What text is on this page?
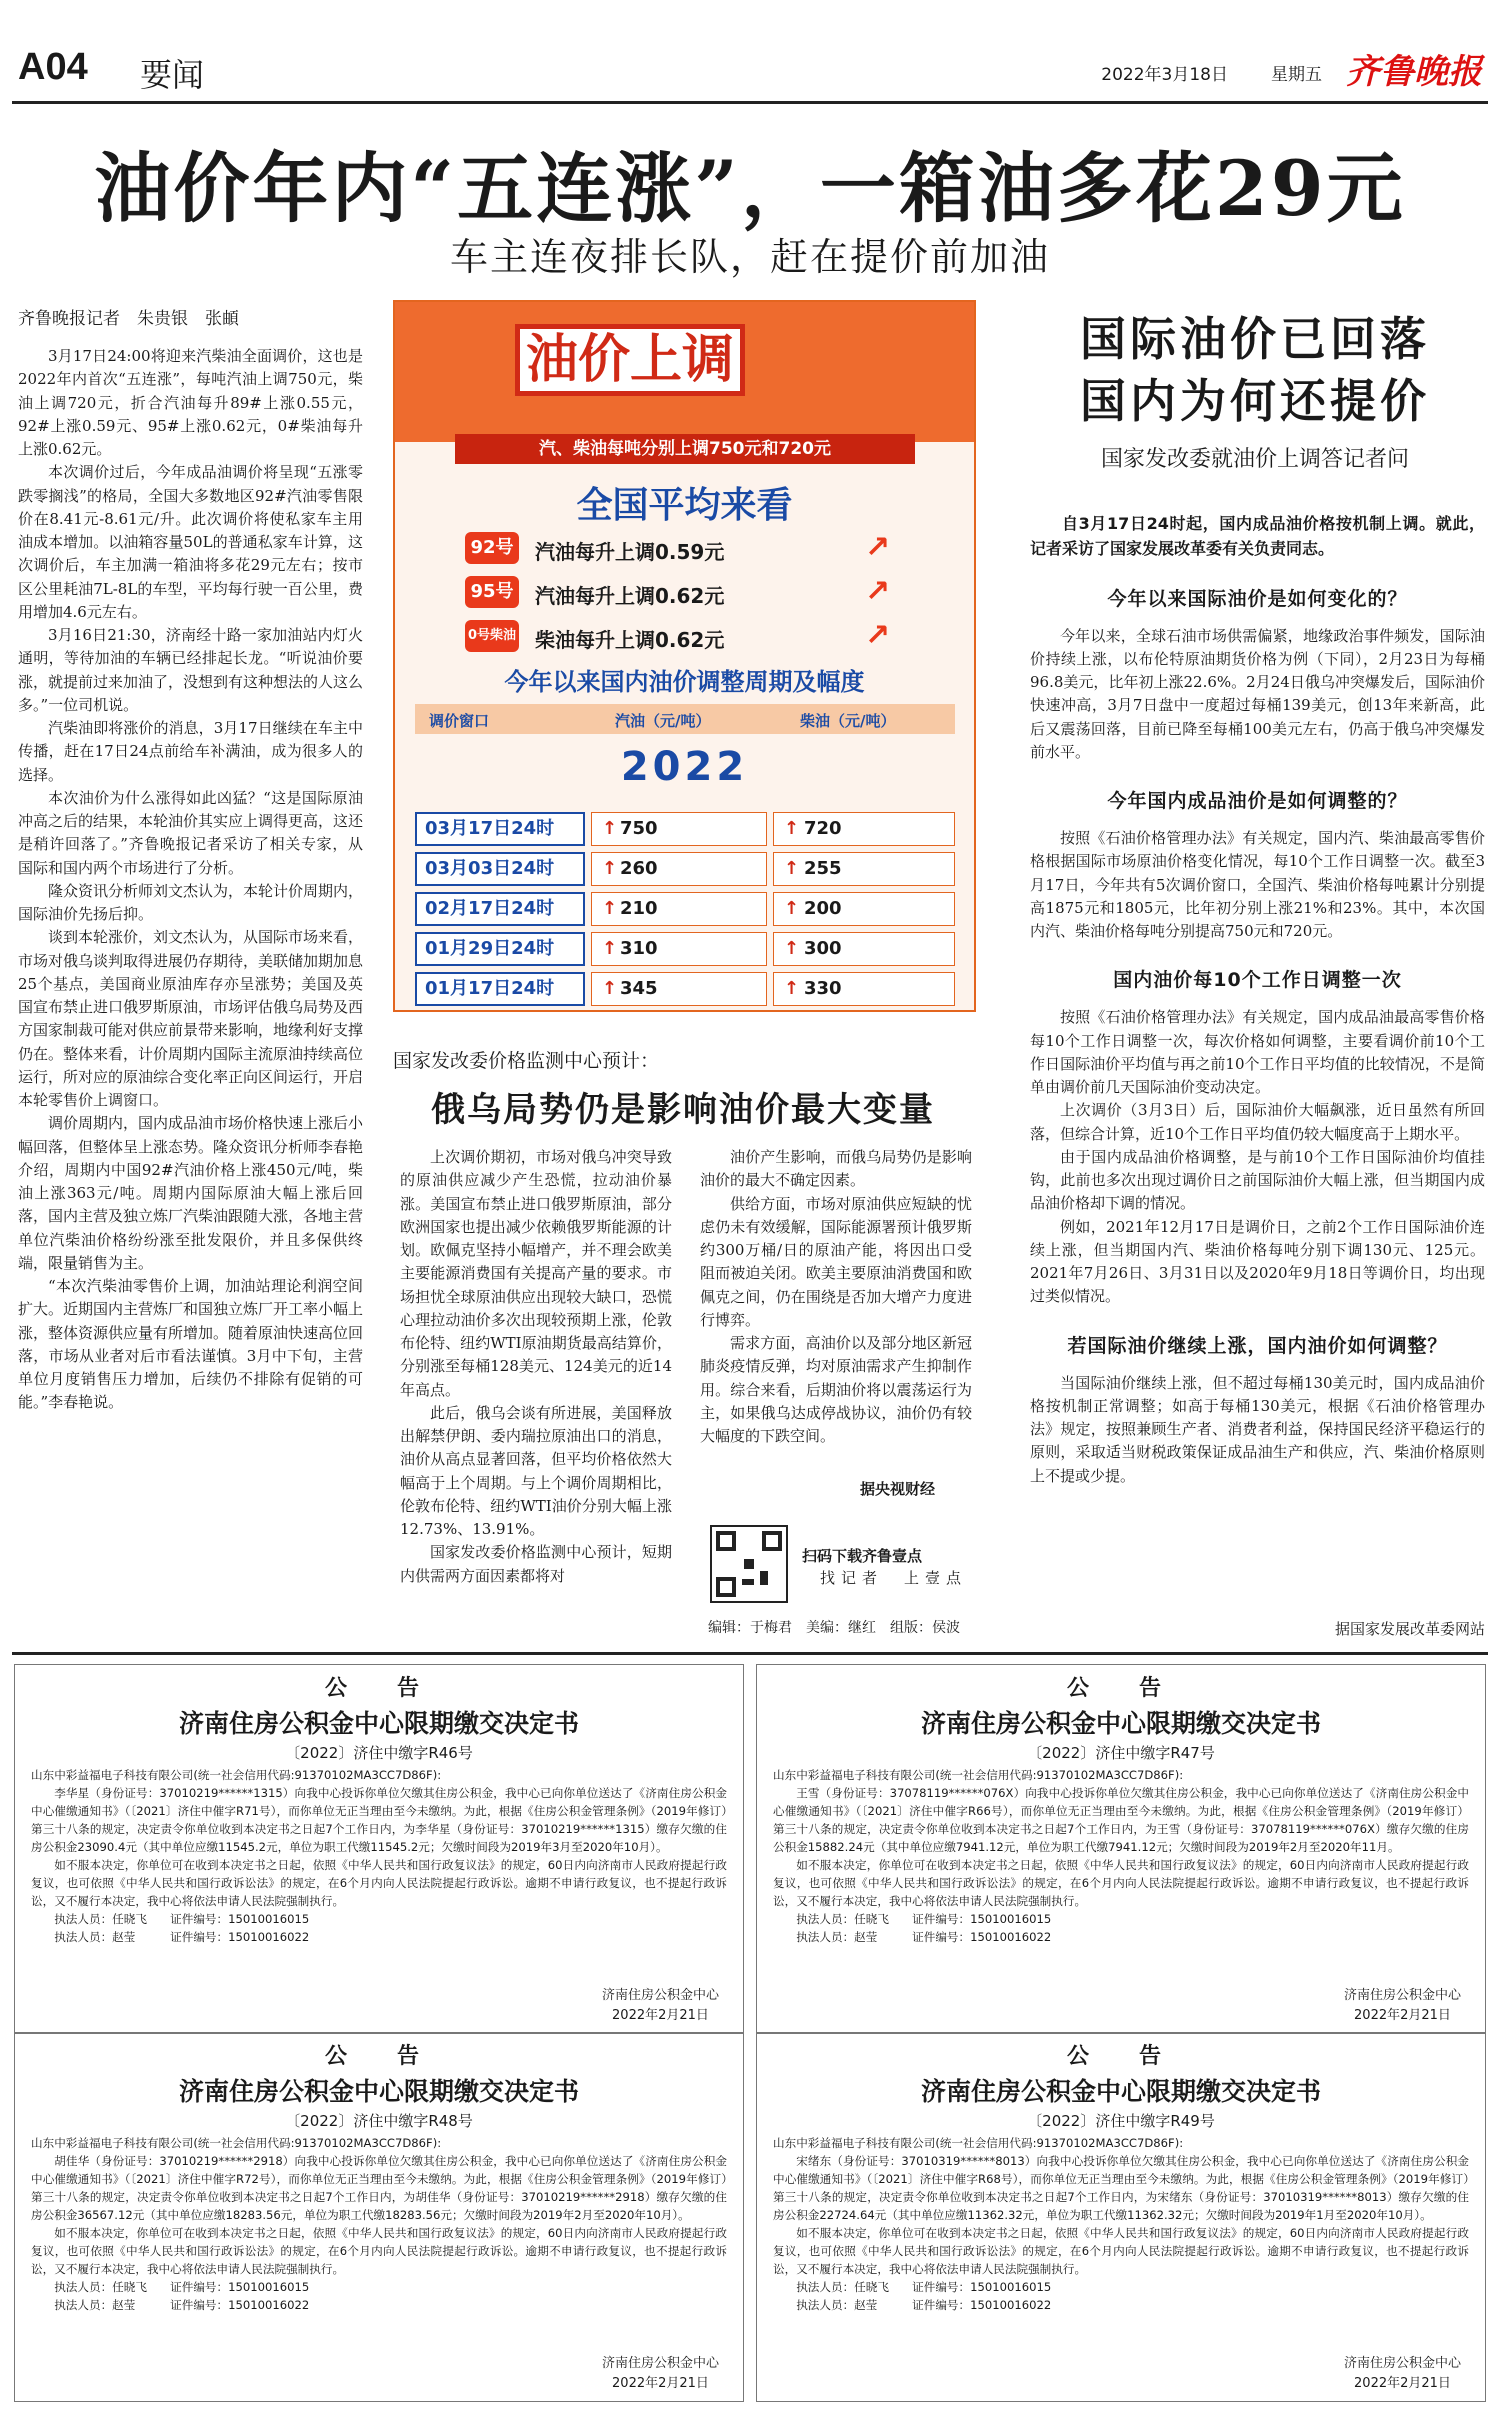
A04 要闻	2022年3月18日	星期五 齐鲁晚报
油价年内“五连涨”，一箱油多花29元
车主连夜排长队，赶在提价前加油
齐鲁晚报记者　朱贵银　张頔

3月17日24:00将迎来汽柴油全面调价，这也是2022年内首次“五连涨”，每吨汽油上调750元，柴油上调720元，折合汽油每升89#上涨0.55元，92#上涨0.59元、95#上涨0.62元，0#柴油每升上涨0.62元。

本次调价过后，今年成品油调价将呈现“五涨零跌零搁浅”的格局，全国大多数地区92#汽油零售限价在8.41元-8.61元/升。此次调价将使私家车主用油成本增加。以油箱容量50L的普通私家车计算，这次调价后，车主加满一箱油将多花29元左右；按市区公里耗油7L-8L的车型，平均每行驶一百公里，费用增加4.6元左右。

3月16日21:30，济南经十路一家加油站内灯火通明，等待加油的车辆已经排起长龙。“听说油价要涨，就提前过来加油了，没想到有这种想法的人这么多。”一位司机说。

汽柴油即将涨价的消息，3月17日继续在车主中传播，赶在17日24点前给车补满油，成为很多人的选择。

本次油价为什么涨得如此凶猛？“这是国际原油冲高之后的结果，本轮油价其实应上调得更高，这还是稍许回落了。”齐鲁晚报记者采访了相关专家，从国际和国内两个市场进行了分析。

隆众资讯分析师刘文杰认为，本轮计价周期内，国际油价先扬后抑。

谈到本轮涨价，刘文杰认为，从国际市场来看，市场对俄乌谈判取得进展仍存期待，美联储加期加息25个基点，美国商业原油库存亦呈涨势；美国及英国宣布禁止进口俄罗斯原油，市场评估俄乌局势及西方国家制裁可能对供应前景带来影响，地缘利好支撑仍在。整体来看，计价周期内国际主流原油持续高位运行，所对应的原油综合变化率正向区间运行，开启本轮零售价上调窗口。

调价周期内，国内成品油市场价格快速上涨后小幅回落，但整体呈上涨态势。隆众资讯分析师李春艳介绍，周期内中国92#汽油价格上涨450元/吨，柴油上涨363元/吨。周期内国际原油大幅上涨后回落，国内主营及独立炼厂汽柴油跟随大涨，各地主营单位汽柴油价格纷纷涨至批发限价，并且多保供终端，限量销售为主。

“本次汽柴油零售价上调，加油站理论利润空间扩大。近期国内主营炼厂和国独立炼厂开工率小幅上涨，整体资源供应量有所增加。随着原油快速高位回落，市场从业者对后市看法谨慎。3月中下旬，主营单位月度销售压力增加，后续仍不排除有促销的可能。”李春艳说。

油价上调
汽、柴油每吨分别上调750元和720元
全国平均来看
92号 汽油每升上调0.59元	↗
95号 汽油每升上调0.62元	↗
0号柴油 柴油每升上调0.62元	↗
今年以来国内油价调整周期及幅度
调价窗口	汽油（元/吨）	柴油（元/吨）
2022
03月17日24时	↑ 750	↑ 720
03月03日24时	↑ 260	↑ 255
02月17日24时	↑ 210	↑ 200
01月29日24时	↑ 310	↑ 300
01月17日24时	↑ 345	↑ 330
国家发改委价格监测中心预计：
俄乌局势仍是影响油价最大变量

上次调价期初，市场对俄乌冲突导致的原油供应减少产生恐慌，拉动油价暴涨。美国宣布禁止进口俄罗斯原油，部分欧洲国家也提出减少依赖俄罗斯能源的计划。欧佩克坚持小幅增产，并不理会欧美主要能源消费国有关提高产量的要求。市场担忧全球原油供应出现较大缺口，恐慌心理拉动油价多次出现较预期上涨，伦敦布伦特、纽约WTI原油期货最高结算价，分别涨至每桶128美元、124美元的近14年高点。

此后，俄乌会谈有所进展，美国释放出解禁伊朗、委内瑞拉原油出口的消息，油价从高点显著回落，但平均价格依然大幅高于上个周期。与上个调价周期相比，伦敦布伦特、纽约WTI油价分别大幅上涨12.73%、13.91%。

国家发改委价格监测中心预计，短期内供需两方面因素都将对

油价产生影响，而俄乌局势仍是影响油价的最大不确定因素。

供给方面，市场对原油供应短缺的忧虑仍未有效缓解，国际能源署预计俄罗斯约300万桶/日的原油产能，将因出口受阻而被迫关闭。欧美主要原油消费国和欧佩克之间，仍在围绕是否加大增产力度进行博弈。

需求方面，高油价以及部分地区新冠肺炎疫情反弹，均对原油需求产生抑制作用。综合来看，后期油价将以震荡运行为主，如果俄乌达成停战协议，油价仍有较大幅度的下跌空间。

据央视财经
扫码下载齐鲁壹点
找记者　上壹点
编辑：于梅君　美编：继红　组版：侯波
国际油价已回落
国内为何还提价
国家发改委就油价上调答记者问
自3月17日24时起，国内成品油价格按机制上调。就此，记者采访了国家发展改革委有关负责同志。
今年以来国际油价是如何变化的？

今年以来，全球石油市场供需偏紧，地缘政治事件频发，国际油价持续上涨，以布伦特原油期货价格为例（下同），2月23日为每桶96.8美元，比年初上涨22.6%。2月24日俄乌冲突爆发后，国际油价快速冲高，3月7日盘中一度超过每桶139美元，创13年来新高，此后又震荡回落，目前已降至每桶100美元左右，仍高于俄乌冲突爆发前水平。

今年国内成品油价是如何调整的？

按照《石油价格管理办法》有关规定，国内汽、柴油最高零售价格根据国际市场原油价格变化情况，每10个工作日调整一次。截至3月17日，今年共有5次调价窗口，全国汽、柴油价格每吨累计分别提高1875元和1805元，比年初分别上涨21%和23%。其中，本次国内汽、柴油价格每吨分别提高750元和720元。

国内油价每10个工作日调整一次

按照《石油价格管理办法》有关规定，国内成品油最高零售价格每10个工作日调整一次，每次价格如何调整，主要看调价前10个工作日国际油价平均值与再之前10个工作日平均值的比较情况，不是简单由调价前几天国际油价变动决定。

上次调价（3月3日）后，国际油价大幅飙涨，近日虽然有所回落，但综合计算，近10个工作日平均值仍较大幅度高于上期水平。

由于国内成品油价格调整，是与前10个工作日国际油价均值挂钩，此前也多次出现过调价日之前国际油价大幅上涨，但当期国内成品油价格却下调的情况。

例如，2021年12月17日是调价日，之前2个工作日国际油价连续上涨，但当期国内汽、柴油价格每吨分别下调130元、125元。2021年7月26日、3月31日以及2020年9月18日等调价日，均出现过类似情况。

若国际油价继续上涨，国内油价如何调整？

当国际油价继续上涨，但不超过每桶130美元时，国内成品油价格按机制正常调整；如高于每桶130美元，根据《石油价格管理办法》规定，按照兼顾生产者、消费者利益，保持国民经济平稳运行的原则，采取适当财税政策保证成品油生产和供应，汽、柴油价格原则上不提或少提。

据国家发展改革委网站
公　告
济南住房公积金中心限期缴交决定书
〔2022〕济住中缴字R46号

山东中彩益福电子科技有限公司(统一社会信用代码:91370102MA3CC7D86F):

李华星（身份证号：37010219******1315）向我中心投诉你单位欠缴其住房公积金，我中心已向你单位送达了《济南住房公积金中心催缴通知书》（〔2021〕济住中催字R71号），而你单位无正当理由至今未缴纳。为此，根据《住房公积金管理条例》（2019年修订）第三十八条的规定，决定责令你单位收到本决定书之日起7个工作日内，为李华星（身份证号：37010219******1315）缴存欠缴的住房公积金23090.4元（其中单位应缴11545.2元，单位为职工代缴11545.2元；欠缴时间段为2019年3月至2020年10月）。

如不服本决定，你单位可在收到本决定书之日起，依照《中华人民共和国行政复议法》的规定，60日内向济南市人民政府提起行政复议，也可依照《中华人民共和国行政诉讼法》的规定，在6个月内向人民法院提起行政诉讼。逾期不申请行政复议，也不提起行政诉讼，又不履行本决定，我中心将依法申请人民法院强制执行。

执法人员：任晓飞　　证件编号：15010016015

执法人员：赵莹　　　证件编号：15010016022

济南住房公积金中心
2022年2月21日
公　告
济南住房公积金中心限期缴交决定书
〔2022〕济住中缴字R47号

山东中彩益福电子科技有限公司(统一社会信用代码:91370102MA3CC7D86F):

王雪（身份证号：37078119******076X）向我中心投诉你单位欠缴其住房公积金，我中心已向你单位送达了《济南住房公积金中心催缴通知书》（〔2021〕济住中催字R66号），而你单位无正当理由至今未缴纳。为此，根据《住房公积金管理条例》（2019年修订）第三十八条的规定，决定责令你单位收到本决定书之日起7个工作日内，为王雪（身份证号：37078119******076X）缴存欠缴的住房公积金15882.24元（其中单位应缴7941.12元，单位为职工代缴7941.12元；欠缴时间段为2019年2月至2020年11月。

如不服本决定，你单位可在收到本决定书之日起，依照《中华人民共和国行政复议法》的规定，60日内向济南市人民政府提起行政复议，也可依照《中华人民共和国行政诉讼法》的规定，在6个月内向人民法院提起行政诉讼。逾期不申请行政复议，也不提起行政诉讼，又不履行本决定，我中心将依法申请人民法院强制执行。

执法人员：任晓飞　　证件编号：15010016015

执法人员：赵莹　　　证件编号：15010016022

济南住房公积金中心
2022年2月21日
公　告
济南住房公积金中心限期缴交决定书
〔2022〕济住中缴字R48号

山东中彩益福电子科技有限公司(统一社会信用代码:91370102MA3CC7D86F):

胡佳华（身份证号：37010219******2918）向我中心投诉你单位欠缴其住房公积金，我中心已向你单位送达了《济南住房公积金中心催缴通知书》（〔2021〕济住中催字R72号），而你单位无正当理由至今未缴纳。为此，根据《住房公积金管理条例》（2019年修订）第三十八条的规定，决定责令你单位收到本决定书之日起7个工作日内，为胡佳华（身份证号：37010219******2918）缴存欠缴的住房公积金36567.12元（其中单位应缴18283.56元，单位为职工代缴18283.56元；欠缴时间段为2019年2月至2020年10月）。

如不服本决定，你单位可在收到本决定书之日起，依照《中华人民共和国行政复议法》的规定，60日内向济南市人民政府提起行政复议，也可依照《中华人民共和国行政诉讼法》的规定，在6个月内向人民法院提起行政诉讼。逾期不申请行政复议，也不提起行政诉讼，又不履行本决定，我中心将依法申请人民法院强制执行。

执法人员：任晓飞　　证件编号：15010016015

执法人员：赵莹　　　证件编号：15010016022

济南住房公积金中心
2022年2月21日
公　告
济南住房公积金中心限期缴交决定书
〔2022〕济住中缴字R49号

山东中彩益福电子科技有限公司(统一社会信用代码:91370102MA3CC7D86F):

宋绪东（身份证号：37010319******8013）向我中心投诉你单位欠缴其住房公积金，我中心已向你单位送达了《济南住房公积金中心催缴通知书》（〔2021〕济住中催字R68号），而你单位无正当理由至今未缴纳。为此，根据《住房公积金管理条例》（2019年修订）第三十八条的规定，决定责令你单位收到本决定书之日起7个工作日内，为宋绪东（身份证号：37010319******8013）缴存欠缴的住房公积金22724.64元（其中单位应缴11362.32元，单位为职工代缴11362.32元；欠缴时间段为2019年1月至2020年10月）。

如不服本决定，你单位可在收到本决定书之日起，依照《中华人民共和国行政复议法》的规定，60日内向济南市人民政府提起行政复议，也可依照《中华人民共和国行政诉讼法》的规定，在6个月内向人民法院提起行政诉讼。逾期不申请行政复议，也不提起行政诉讼，又不履行本决定，我中心将依法申请人民法院强制执行。

执法人员：任晓飞　　证件编号：15010016015

执法人员：赵莹　　　证件编号：15010016022

济南住房公积金中心
2022年2月21日
